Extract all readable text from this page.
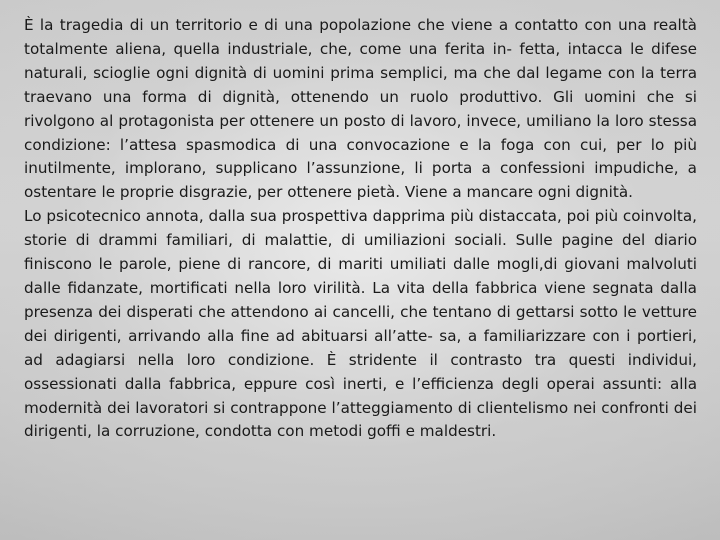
È la tragedia di un territorio e di una popolazione che viene a contatto con una realtà totalmente aliena, quella industriale, che, come una ferita in- fetta, intacca le difese naturali, scioglie ogni dignità di uomini prima semplici, ma che dal legame con la terra traevano una forma di dignità, ottenendo un ruolo produttivo. Gli uomini che si rivolgono al protagonista per ottenere un posto di lavoro, invece, umiliano la loro stessa condizione: l’attesa spasmodica di una convocazione e la foga con cui, per lo più inutilmente, implorano, supplicano l’assunzione, li porta a confessioni impudiche, a ostentare le proprie disgrazie, per ottenere pietà. Viene a mancare ogni dignità.

Lo psicotecnico annota, dalla sua prospettiva dapprima più distaccata, poi più coinvolta, storie di drammi familiari, di malattie, di umiliazioni sociali. Sulle pagine del diario finiscono le parole, piene di rancore, di mariti umiliati dalle mogli,di giovani malvoluti dalle fidanzate, mortificati nella loro virilità. La vita della fabbrica viene segnata dalla presenza dei disperati che attendono ai cancelli, che tentano di gettarsi sotto le vetture dei dirigenti, arrivando alla fine ad abituarsi all’atte- sa, a familiarizzare con i portieri, ad adagiarsi nella loro condizione. È stridente il contrasto tra questi individui, ossessionati dalla fabbrica, eppure così inerti, e l’efficienza degli operai assunti: alla modernità dei lavoratori si contrappone l’atteggiamento di clientelismo nei confronti dei dirigenti, la corruzione, condotta con metodi goffi e maldestri.
